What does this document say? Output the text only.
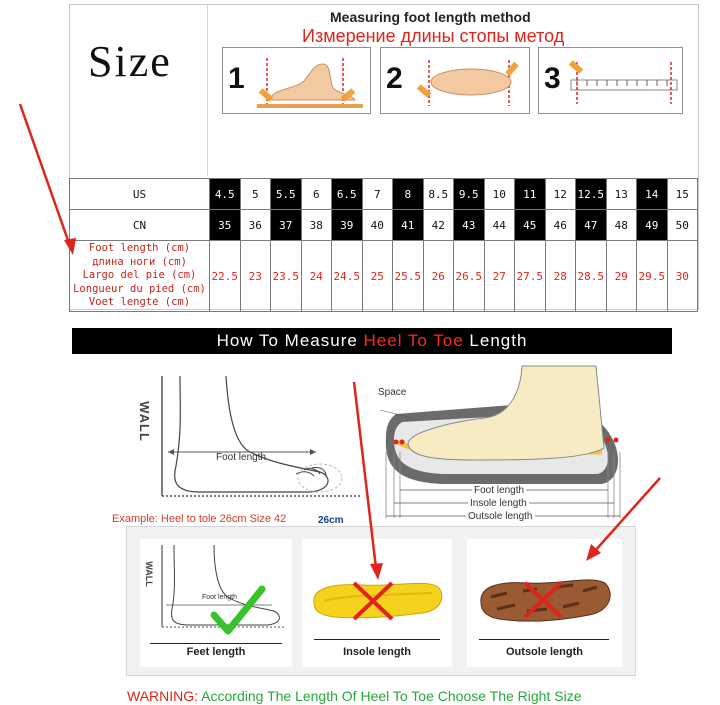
Size
Measuring foot length method
Измерение длины стопы метод
1	2	3
US	4.5	5	5.5	6	6.5	7	8	8.5	9.5	10	11	12	12.5	13	14	15
CN	35	36	37	38	39	40	41	42	43	44	45	46	47	48	49	50

Foot length (cm)
длина ноги (cm)
Largo del pie (cm)
Longueur du pied (cm)
Voet lengte (cm)	22.5	23	23.5	24	24.5	25	25.5	26	26.5	27	27.5	28	28.5	29	29.5	30
How To Measure Heel To Toe Length
WALL
Foot length
Example: Heel to tole 26cm Size 42	26cm
Space
Foot length
Insole length
Outsole length
WALL
Foot length
Feet length	Insole length	Outsole length
WARNING: According The Length Of Heel To Toe Choose The Right Size
